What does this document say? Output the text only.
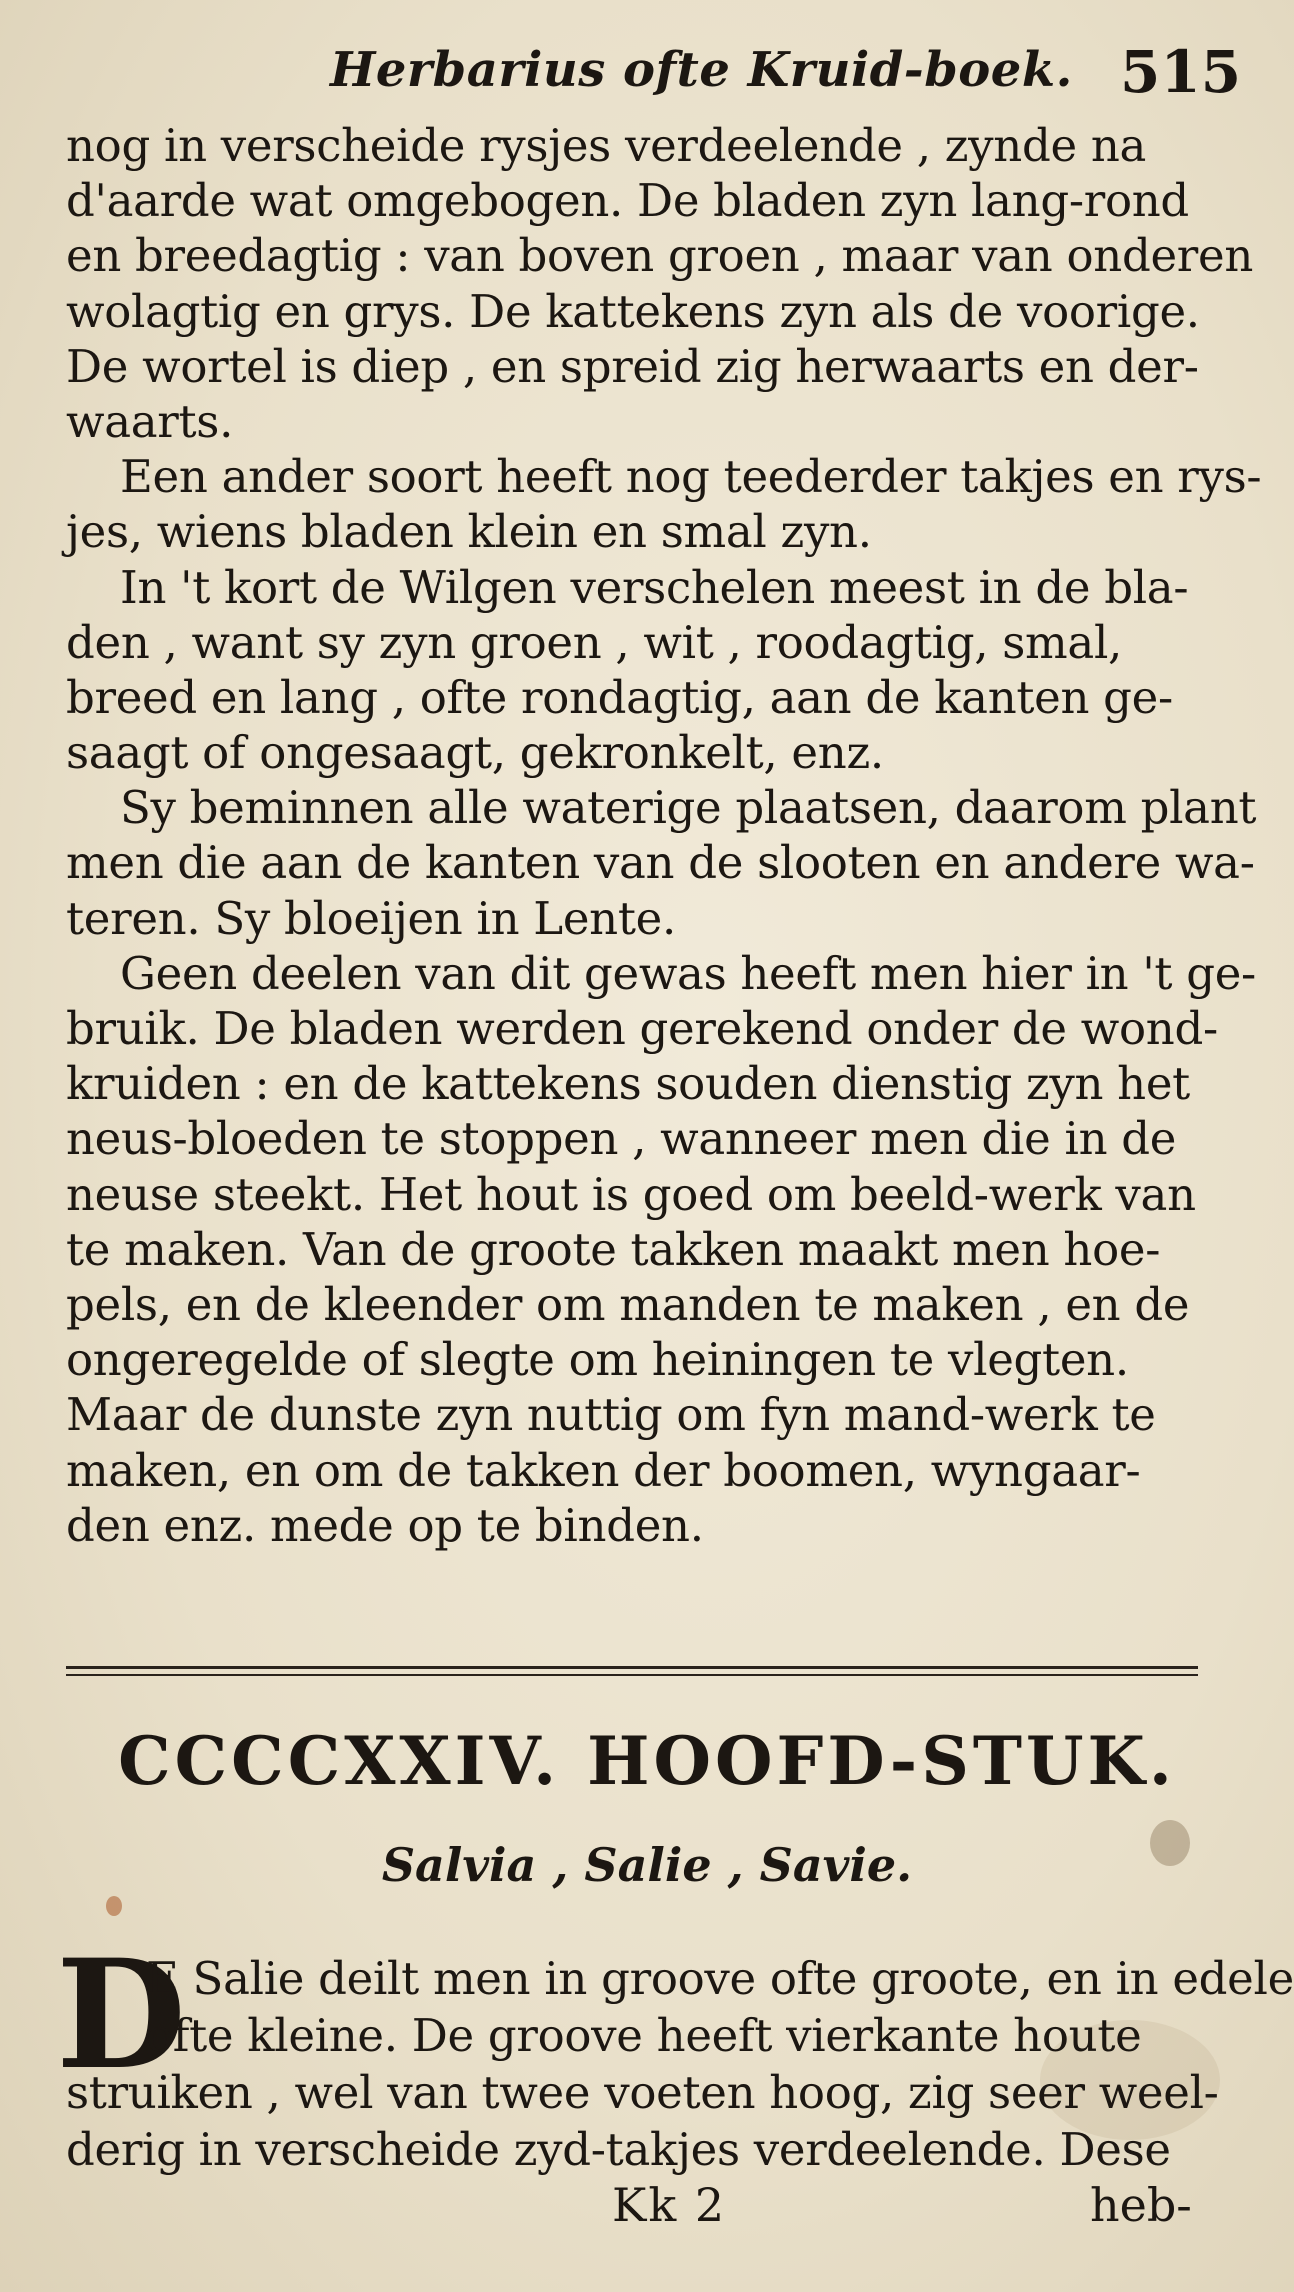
Herbarius ofte Kruid-boek. 515
nog in verscheide rysjes verdeelende , zynde na
d'aarde wat omgebogen. De bladen zyn lang-rond
en breedagtig : van boven groen , maar van onderen
wolagtig en grys. De kattekens zyn als de voorige.
De wortel is diep , en spreid zig herwaarts en der-
waarts.
Een ander soort heeft nog teederder takjes en rys-
jes, wiens bladen klein en smal zyn.
In 't kort de Wilgen verschelen meest in de bla-
den , want sy zyn groen , wit , roodagtig, smal,
breed en lang , ofte rondagtig, aan de kanten ge-
saagt of ongesaagt, gekronkelt, enz.
Sy beminnen alle waterige plaatsen, daarom plant
men die aan de kanten van de slooten en andere wa-
teren. Sy bloeijen in Lente.
Geen deelen van dit gewas heeft men hier in 't ge-
bruik. De bladen werden gerekend onder de wond-
kruiden : en de kattekens souden dienstig zyn het
neus-bloeden te stoppen , wanneer men die in de
neuse steekt. Het hout is goed om beeld-werk van
te maken. Van de groote takken maakt men hoe-
pels, en de kleender om manden te maken , en de
ongeregelde of slegte om heiningen te vlegten.
Maar de dunste zyn nuttig om fyn mand-werk te
maken, en om de takken der boomen, wyngaar-
den enz. mede op te binden.
CCCCXXIV. HOOFD-STUK.
Salvia , Salie , Savie.
D
E Salie deilt men in groove ofte groote, en in edele
ofte kleine. De groove heeft vierkante houte
struiken , wel van twee voeten hoog, zig seer weel-
derig in verscheide zyd-takjes verdeelende. Dese
Kk 2	heb-
